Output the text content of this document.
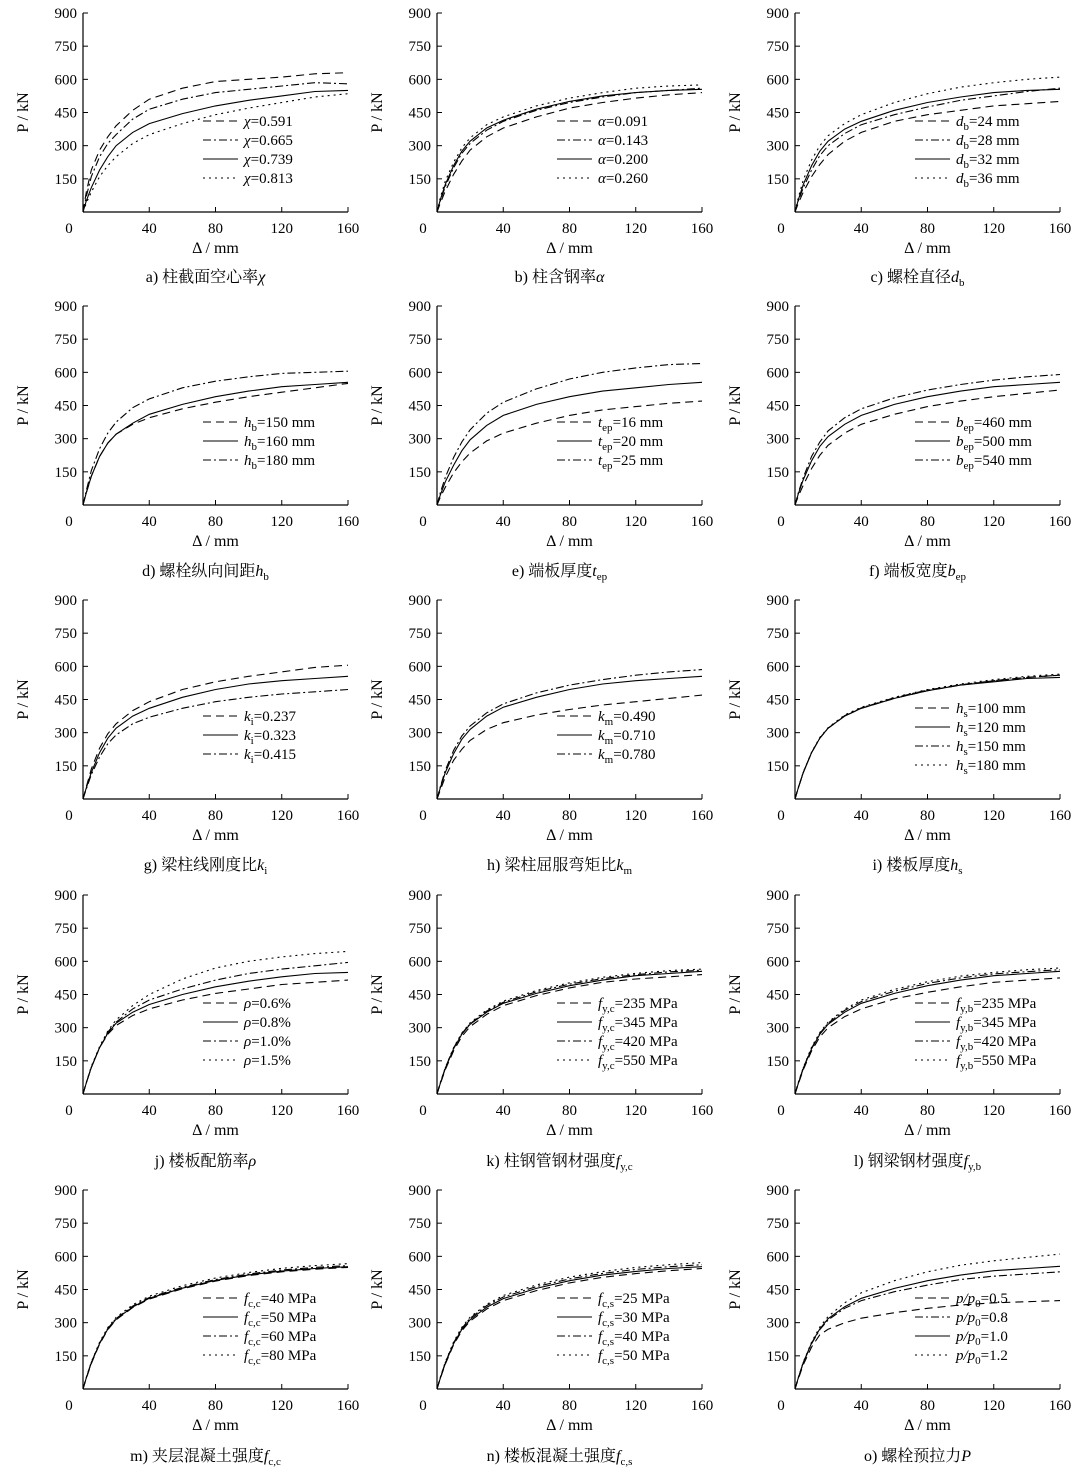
150
300
450
600
750
900
0	40	80	120	160
P / kN
Δ / mm
χ=0.591
χ=0.665
χ=0.739
χ=0.813
a) 柱截面空心率χ
150
300
450
600
750
900
0	40	80	120	160
P / kN
Δ / mm
α=0.091
α=0.143
α=0.200
α=0.260
b) 柱含钢率α
150
300
450
600
750
900
0	40	80	120	160
P / kN
Δ / mm
$d_b=24$ mm
$d_b=28$ mm
$d_b=32$ mm
$d_b=36$ mm
c) 螺栓直径$d_b$
150
300
450
600
750
900
0	40	80	120	160
P / kN
Δ / mm
$h_b=150$ mm
$h_b=160$ mm
$h_b=180$ mm
d) 螺栓纵向间距$h_b$
150
300
450
600
750
900
0	40	80	120	160
P / kN
Δ / mm
$t_{ep}=16$ mm
$t_{ep}=20$ mm
$t_{ep}=25$ mm
e) 端板厚度$t_{ep}$
150
300
450
600
750
900
0	40	80	120	160
P / kN
Δ / mm
$b_{ep}=460$ mm
$b_{ep}=500$ mm
$b_{ep}=540$ mm
f) 端板宽度$b_{ep}$
150
300
450
600
750
900
0	40	80	120	160
P / kN
Δ / mm
$k_i=0.237$
$k_i=0.323$
$k_i=0.415$
g) 梁柱线刚度比$k_i$
150
300
450
600
750
900
0	40	80	120	160
P / kN
Δ / mm
$k_m=0.490$
$k_m=0.710$
$k_m=0.780$
h) 梁柱屈服弯矩比$k_m$
150
300
450
600
750
900
0	40	80	120	160
P / kN
Δ / mm
$h_s=100$ mm
$h_s=120$ mm
$h_s=150$ mm
$h_s=180$ mm
i) 楼板厚度$h_s$
150
300
450
600
750
900
0	40	80	120	160
P / kN
Δ / mm
ρ=0.6%
ρ=0.8%
ρ=1.0%
ρ=1.5%
j) 楼板配筋率ρ
150
300
450
600
750
900
0	40	80	120	160
P / kN
Δ / mm
$f_{y,c}=235$ MPa
$f_{y,c}=345$ MPa
$f_{y,c}=420$ MPa
$f_{y,c}=550$ MPa
k) 柱钢管钢材强度$f_{y,c}$
150
300
450
600
750
900
0	40	80	120	160
P / kN
Δ / mm
$f_{y,b}=235$ MPa
$f_{y,b}=345$ MPa
$f_{y,b}=420$ MPa
$f_{y,b}=550$ MPa
l) 钢梁钢材强度$f_{y,b}$
150
300
450
600
750
900
0	40	80	120	160
P / kN
Δ / mm
$f_{c,c}=40$ MPa
$f_{c,c}=50$ MPa
$f_{c,c}=60$ MPa
$f_{c,c}=80$ MPa
m) 夹层混凝土强度$f_{c,c}$
150
300
450
600
750
900
0	40	80	120	160
P / kN
Δ / mm
$f_{c,s}=25$ MPa
$f_{c,s}=30$ MPa
$f_{c,s}=40$ MPa
$f_{c,s}=50$ MPa
n) 楼板混凝土强度$f_{c,s}$
150
300
450
600
750
900
0	40	80	120	160
P / kN
Δ / mm
$p/p_0=0.5$
$p/p_0=0.8$
$p/p_0=1.0$
$p/p_0=1.2$
o) 螺栓预拉力P
